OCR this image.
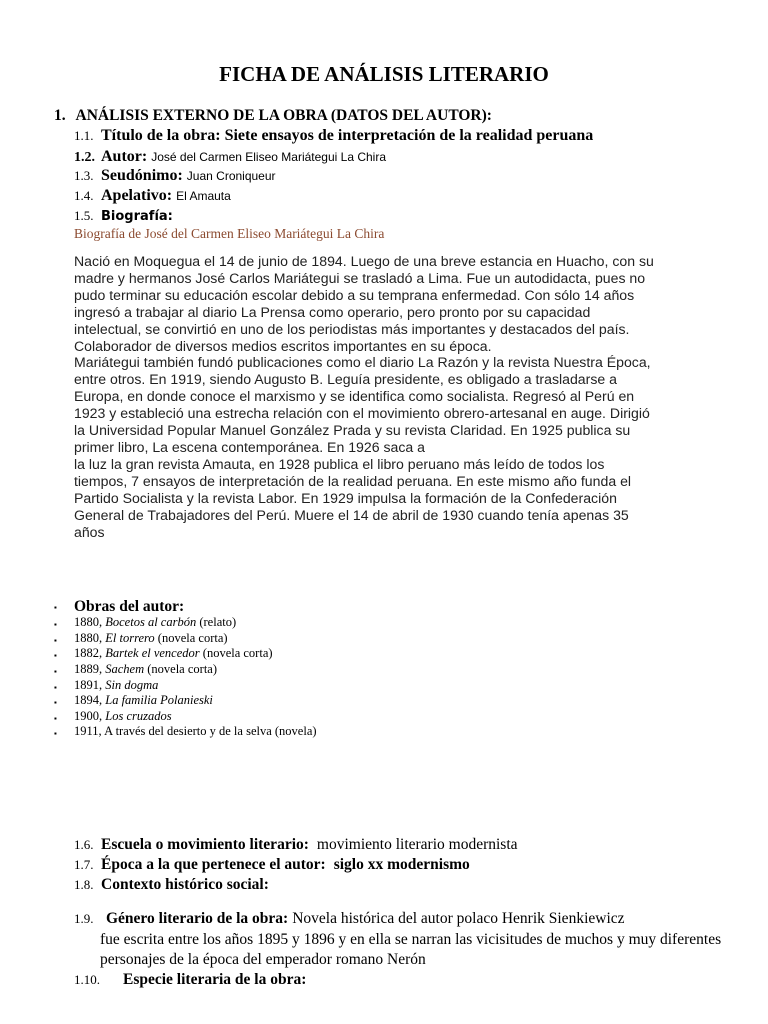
FICHA DE ANÁLISIS LITERARIO
1. ANÁLISIS EXTERNO DE LA OBRA (DATOS DEL AUTOR):
1.1. Título de la obra: Siete ensayos de interpretación de la realidad peruana
1.2. Autor: José del Carmen Eliseo Mariátegui La Chira
1.3. Seudónimo: Juan Croniqueur
1.4. Apelativo: El Amauta
1.5. Biografía:
Biografía de José del Carmen Eliseo Mariátegui La Chira
Nació en Moquegua el 14 de junio de 1894. Luego de una breve estancia en Huacho, con su
madre y hermanos José Carlos Mariátegui se trasladó a Lima. Fue un autodidacta, pues no
pudo terminar su educación escolar debido a su temprana enfermedad. Con sólo 14 años
ingresó a trabajar al diario La Prensa como operario, pero pronto por su capacidad
intelectual, se convirtió en uno de los periodistas más importantes y destacados del país.
Colaborador de diversos medios escritos importantes en su época.
Mariátegui también fundó publicaciones como el diario La Razón y la revista Nuestra Época,
entre otros. En 1919, siendo Augusto B. Leguía presidente, es obligado a trasladarse a
Europa, en donde conoce el marxismo y se identifica como socialista. Regresó al Perú en
1923 y estableció una estrecha relación con el movimiento obrero-artesanal en auge. Dirigió
la Universidad Popular Manuel González Prada y su revista Claridad. En 1925 publica su
primer libro, La escena contemporánea. En 1926 saca a
la luz la gran revista Amauta, en 1928 publica el libro peruano más leído de todos los
tiempos, 7 ensayos de interpretación de la realidad peruana. En este mismo año funda el
Partido Socialista y la revista Labor. En 1929 impulsa la formación de la Confederación
General de Trabajadores del Perú. Muere el 14 de abril de 1930 cuando tenía apenas 35
años
▪ Obras del autor:
▪ 1880, Bocetos al carbón (relato)
▪ 1880, El torrero (novela corta)
▪ 1882, Bartek el vencedor (novela corta)
▪ 1889, Sachem (novela corta)
▪ 1891, Sin dogma
▪ 1894, La familia Polanieski
▪ 1900, Los cruzados
▪ 1911, A través del desierto y de la selva (novela)
1.6. Escuela o movimiento literario: movimiento literario modernista
1.7. Época a la que pertenece el autor: siglo xx modernismo
1.8. Contexto histórico social:
1.9. Género literario de la obra: Novela histórica del autor polaco Henrik Sienkiewicz
fue escrita entre los años 1895 y 1896 y en ella se narran las vicisitudes de muchos y muy diferentes personajes de la época del emperador romano Nerón
1.10. Especie literaria de la obra:
